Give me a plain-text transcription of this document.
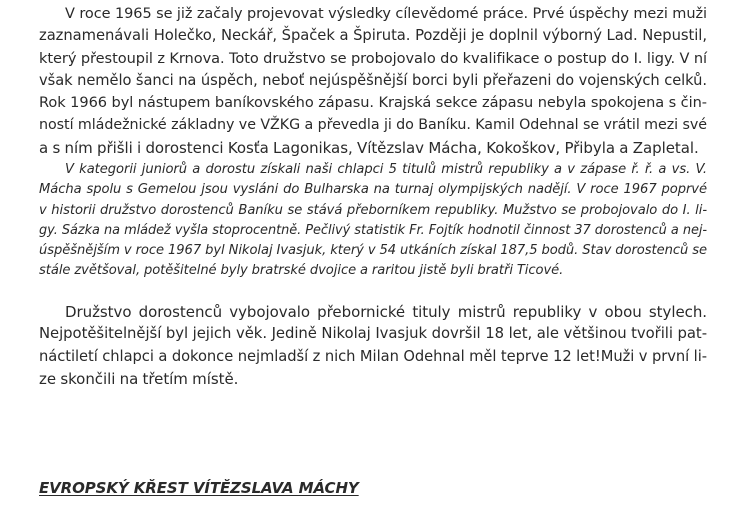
V roce 1965 se již začaly projevovat výsledky cílevědomé práce. Prvé úspěchy mezi muži
zaznamenávali Holečko, Neckář, Špaček a Špiruta. Později je doplnil výborný Lad. Nepustil,
který přestoupil z Krnova. Toto družstvo se probojovalo do kvalifikace o postup do I. ligy. V ní
však nemělo šanci na úspěch, neboť nejúspěšnější borci byli přeřazeni do vojenských celků.
Rok 1966 byl nástupem baníkovského zápasu. Krajská sekce zápasu nebyla spokojena s čin-
ností mládežnické základny ve VŽKG a převedla ji do Baníku. Kamil Odehnal se vrátil mezi své
a s ním přišli i dorostenci Kosťa Lagonikas, Vítězslav Mácha, Kokoškov, Přibyla a Zapletal.
V kategorii juniorů a dorostu získali naši chlapci 5 titulů mistrů republiky a v zápase ř. ř. a vs. V.
Mácha spolu s Gemelou jsou vysláni do Bulharska na turnaj olympijských nadějí. V roce 1967 poprvé
v historii družstvo dorostenců Baníku se stává přeborníkem republiky. Mužstvo se probojovalo do I. li-
gy. Sázka na mládež vyšla stoprocentně. Pečlivý statistik Fr. Fojtík hodnotil činnost 37 dorostenců a nej-
úspěšnějším v roce 1967 byl Nikolaj Ivasjuk, který v 54 utkáních získal 187,5 bodů. Stav dorostenců se
stále zvětšoval, potěšitelné byly bratrské dvojice a raritou jistě byli bratři Ticové.
Družstvo dorostenců vybojovalo přebornické tituly mistrů republiky v obou stylech.
Nejpotěšitelnější byl jejich věk. Jedině Nikolaj Ivasjuk dovršil 18 let, ale většinou tvořili pat-
náctiletí chlapci a dokonce nejmladší z nich Milan Odehnal měl teprve 12 let!Muži v první li-
ze skončili na třetím místě.
EVROPSKÝ KŘEST VÍTĚZSLAVA MÁCHY
